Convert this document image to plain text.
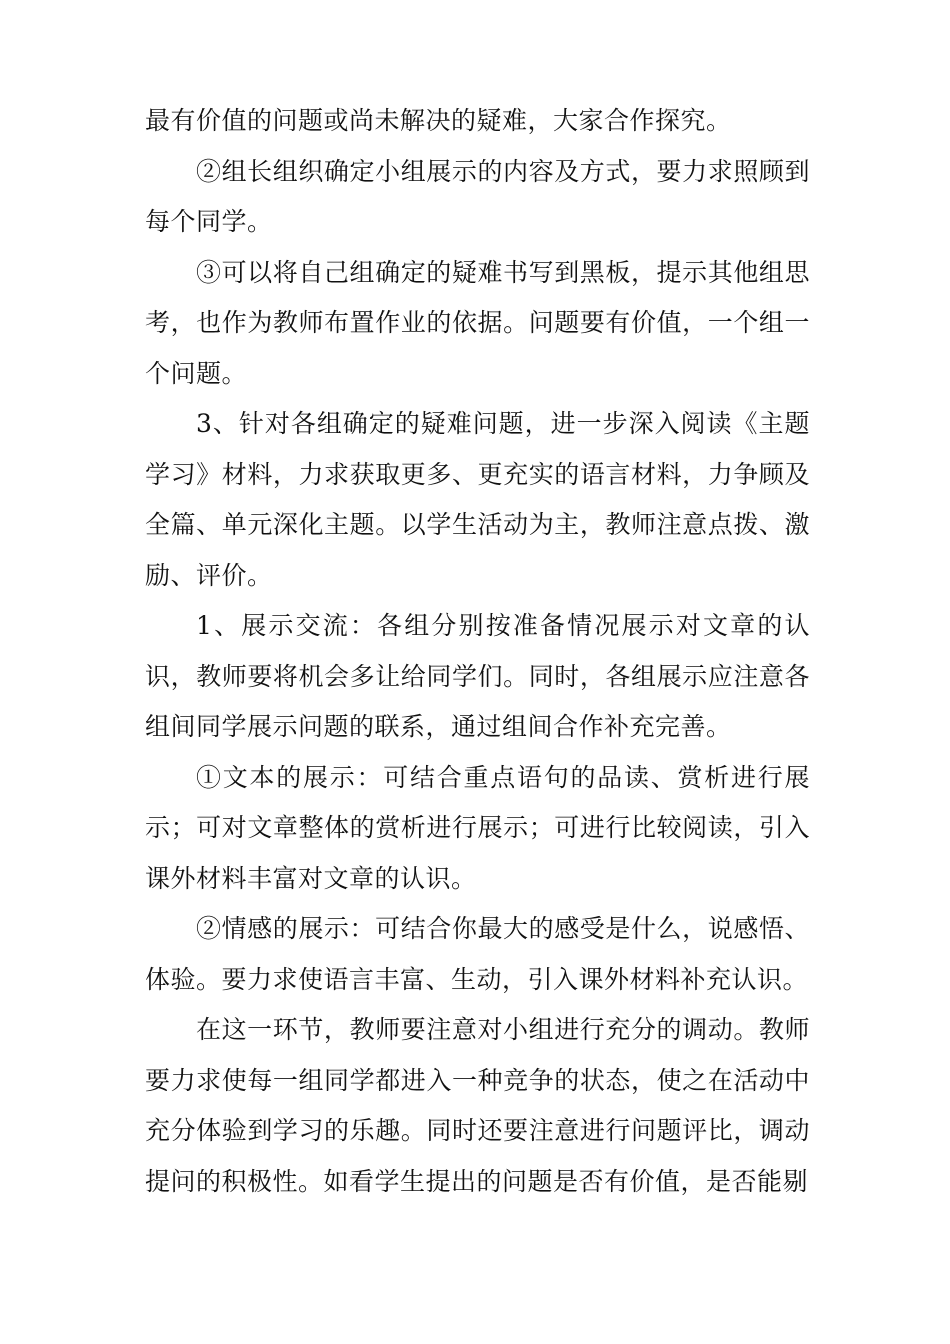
最有价值的问题或尚未解决的疑难，大家合作探究。

②组长组织确定小组展示的内容及方式，要力求照顾到每个同学。

③可以将自己组确定的疑难书写到黑板，提示其他组思考，也作为教师布置作业的依据。问题要有价值，一个组一个问题。

3、针对各组确定的疑难问题，进一步深入阅读《主题学习》材料，力求获取更多、更充实的语言材料，力争顾及全篇、单元深化主题。以学生活动为主，教师注意点拨、激励、评价。

1、展示交流：各组分别按准备情况展示对文章的认识，教师要将机会多让给同学们。同时，各组展示应注意各组间同学展示问题的联系，通过组间合作补充完善。

①文本的展示：可结合重点语句的品读、赏析进行展示；可对文章整体的赏析进行展示；可进行比较阅读，引入课外材料丰富对文章的认识。

②情感的展示：可结合你最大的感受是什么，说感悟、体验。要力求使语言丰富、生动，引入课外材料补充认识。

在这一环节，教师要注意对小组进行充分的调动。教师要力求使每一组同学都进入一种竞争的状态，使之在活动中充分体验到学习的乐趣。同时还要注意进行问题评比，调动提问的积极性。如看学生提出的问题是否有价值，是否能剔
